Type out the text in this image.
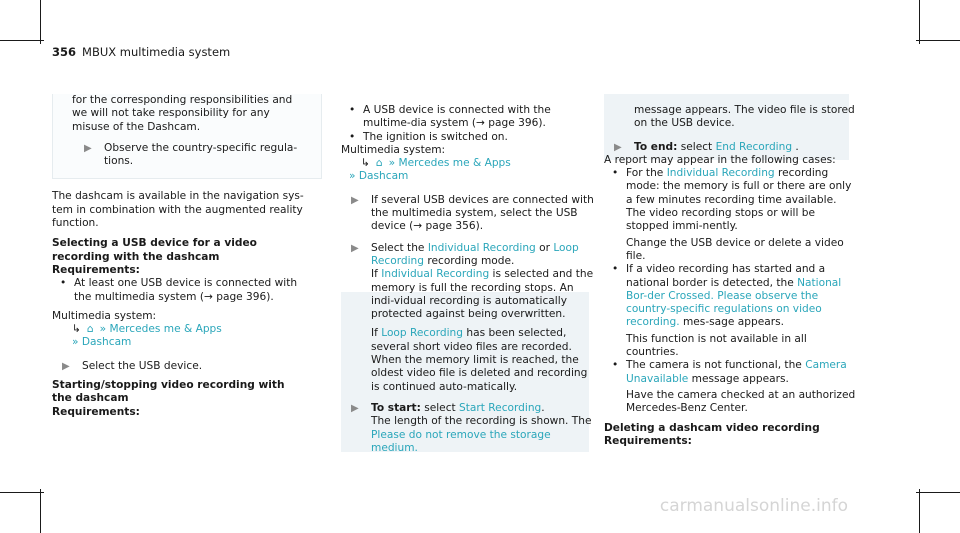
356 MBUX multimedia system

for the corresponding responsibilities and we will not take responsibility for any misuse of the Dashcam.

▶ Observe the country-specific regula-tions.

The dashcam is available in the navigation sys-tem in combination with the augmented reality function.

Selecting a USB device for a video recording with the dashcam

Requirements:

• At least one USB device is connected with the multimedia system (→ page 396).

Multimedia system:

↳ ⌂ » Mercedes me & Apps
» Dashcam
▶ Select the USB device.

Starting/stopping video recording with the dashcam

Requirements:

• A USB device is connected with the multime-dia system (→ page 396).
• The ignition is switched on.

Multimedia system:

↳ ⌂ » Mercedes me & Apps
» Dashcam
▶ If several USB devices are connected with the multimedia system, select the USB device (→ page 356).
▶ Select the Individual Recording or Loop Recording recording mode.

If Individual Recording is selected and the memory is full the recording stops. An indi-vidual recording is automatically protected against being overwritten.

If Loop Recording has been selected, several short video files are recorded. When the memory limit is reached, the oldest video file is deleted and recording is continued auto-matically.

▶ To start: select Start Recording.

The length of the recording is shown. The

Please do not remove the storage medium.

message appears. The video file is stored on the USB device.

▶ To end: select End Recording .

A report may appear in the following cases:

• For the Individual Recording recording mode: the memory is full or there are only a few minutes recording time available. The video recording stops or will be stopped immi-nently.

Change the USB device or delete a video file.

• If a video recording has started and a national border is detected, the National Bor-der Crossed. Please observe the country-specific regulations on video recording. mes-sage appears.

This function is not available in all countries.

• The camera is not functional, the Camera Unavailable message appears.

Have the camera checked at an authorized Mercedes-Benz Center.

Deleting a dashcam video recording

Requirements:

carmanualsonline.info
